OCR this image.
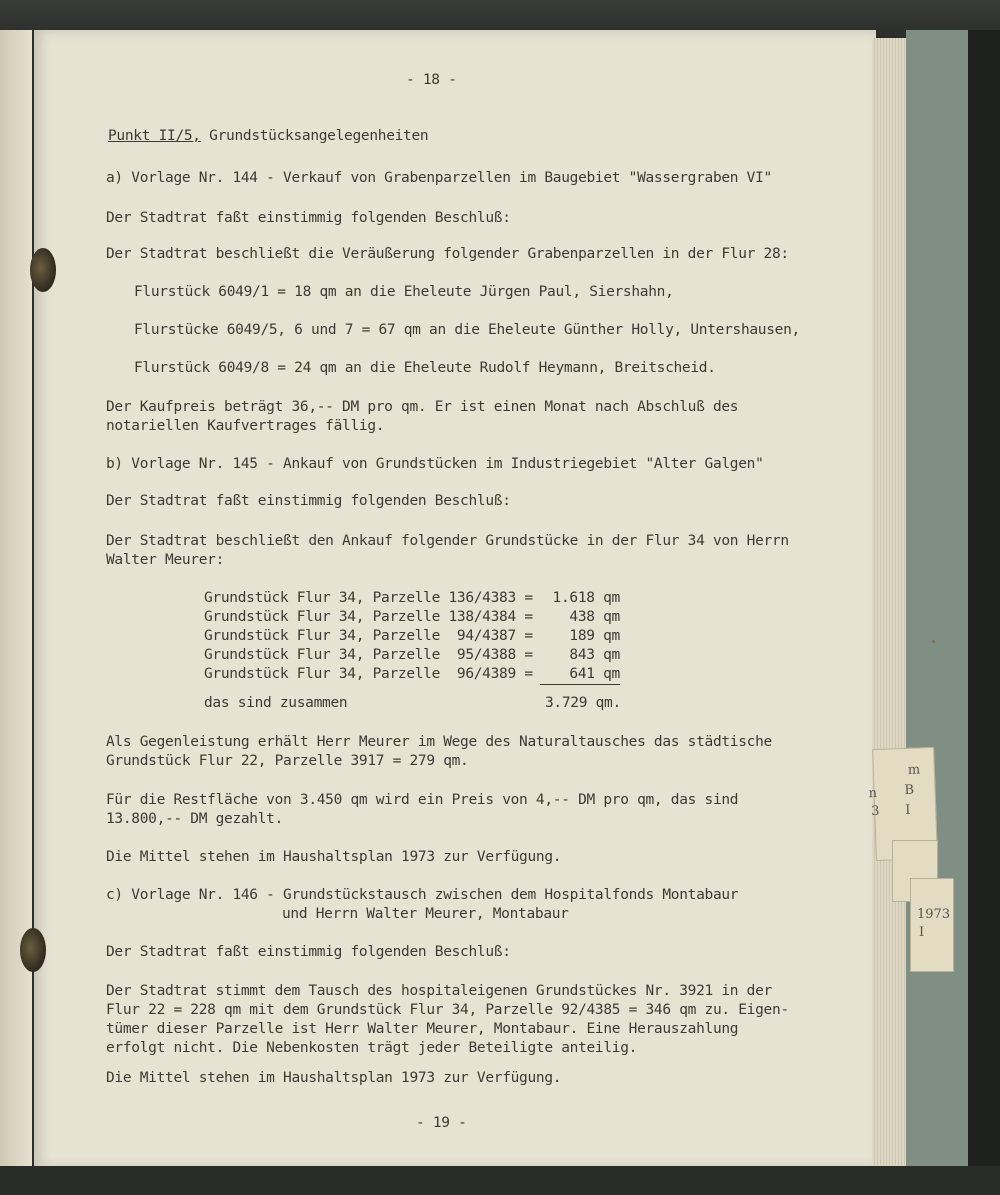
m
B
I
n
3
1973
I
- 18 -
Punkt II/5, Grundstücksangelegenheiten
a) Vorlage Nr. 144 - Verkauf von Grabenparzellen im Baugebiet "Wassergraben VI"
Der Stadtrat faßt einstimmig folgenden Beschluß:
Der Stadtrat beschließt die Veräußerung folgender Grabenparzellen in der Flur 28:
Flurstück 6049/1 = 18 qm an die Eheleute Jürgen Paul, Siershahn,
Flurstücke 6049/5, 6 und 7 = 67 qm an die Eheleute Günther Holly, Untershausen,
Flurstück 6049/8 = 24 qm an die Eheleute Rudolf Heymann, Breitscheid.
Der Kaufpreis beträgt 36,-- DM pro qm. Er ist einen Monat nach Abschluß des
notariellen Kaufvertrages fällig.
b) Vorlage Nr. 145 - Ankauf von Grundstücken im Industriegebiet "Alter Galgen"
Der Stadtrat faßt einstimmig folgenden Beschluß:
Der Stadtrat beschließt den Ankauf folgender Grundstücke in der Flur 34 von Herrn
Walter Meurer:
Grundstück Flur 34, Parzelle 136/4383 =	1.618 qm
Grundstück Flur 34, Parzelle 138/4384 =	438 qm
Grundstück Flur 34, Parzelle  94/4387 =	189 qm
Grundstück Flur 34, Parzelle  95/4388 =	843 qm
Grundstück Flur 34, Parzelle  96/4389 =	641 qm
das sind zusammen	3.729 qm.
Als Gegenleistung erhält Herr Meurer im Wege des Naturaltausches das städtische
Grundstück Flur 22, Parzelle 3917 = 279 qm.
Für die Restfläche von 3.450 qm wird ein Preis von 4,-- DM pro qm, das sind
13.800,-- DM gezahlt.
Die Mittel stehen im Haushaltsplan 1973 zur Verfügung.
c) Vorlage Nr. 146 - Grundstückstausch zwischen dem Hospitalfonds Montabaur
und Herrn Walter Meurer, Montabaur
Der Stadtrat faßt einstimmig folgenden Beschluß:
Der Stadtrat stimmt dem Tausch des hospitaleigenen Grundstückes Nr. 3921 in der
Flur 22 = 228 qm mit dem Grundstück Flur 34, Parzelle 92/4385 = 346 qm zu. Eigen-
tümer dieser Parzelle ist Herr Walter Meurer, Montabaur. Eine Herauszahlung
erfolgt nicht. Die Nebenkosten trägt jeder Beteiligte anteilig.
Die Mittel stehen im Haushaltsplan 1973 zur Verfügung.
- 19 -
